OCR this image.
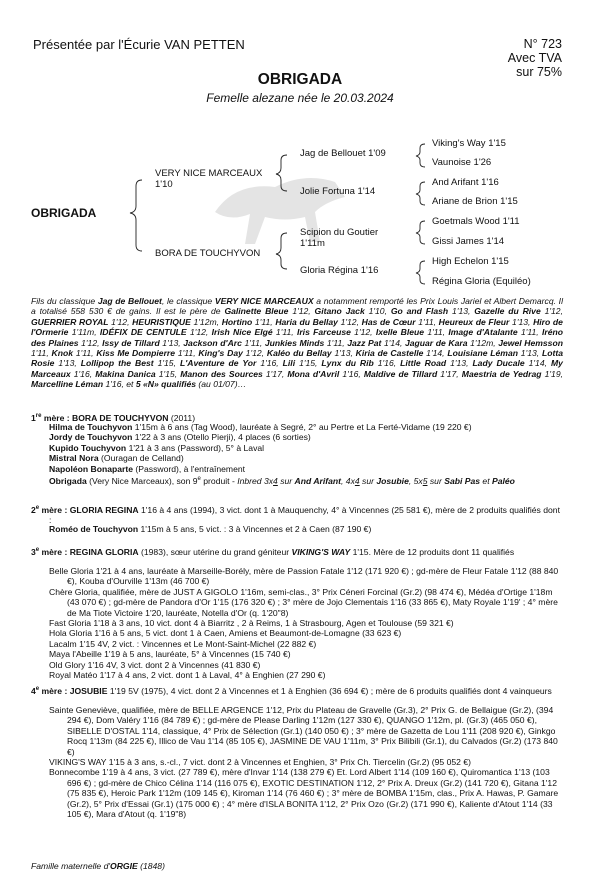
Présentée par l'Écurie VAN PETTEN	N° 723
Avec TVA
sur 75%
OBRIGADA
Femelle alezane née le 20.03.2024
OBRIGADA
VERY NICE MARCEAUX
1'10
BORA DE TOUCHYVON
Jag de Bellouet 1'09
Jolie Fortuna 1'14
Scipion du Goutier
1'11m
Gloria Régina 1'16
Viking's Way 1'15
Vaunoise 1'26
And Arifant 1'16
Ariane de Brion 1'15
Goetmals Wood 1'11
Gissi James 1'14
High Echelon 1'15
Régina Gloria (Equiléo)
Fils du classique Jag de Bellouet, le classique VERY NICE MARCEAUX a notamment remporté les Prix Louis Jariel et Albert Demarcq. Il a totalisé 558 530 € de gains. Il est le père de Galinette Bleue 1'12, Gitano Jack 1'10, Go and Flash 1'13, Gazelle du Rive 1'12, GUERRIER ROYAL 1'12, HEURISTIQUE 1'12m, Hortino 1'11, Haria du Bellay 1'12, Has de Cœur 1'11, Heureux de Fleur 1'13, Hiro de l'Ormerie 1'11m, IDÉFIX DE CENTULE 1'12, Irish Nice Elgé 1'11, Iris Farceuse 1'12, Ixelle Bleue 1'11, Image d'Atalante 1'11, Iréno des Plaines 1'12, Issy de Tillard 1'13, Jackson d'Arc 1'11, Junkies Minds 1'11, Jazz Pat 1'14, Jaguar de Kara 1'12m, Jewel Hemsson 1'11, Knok 1'11, Kiss Me Dompierre 1'11, King's Day 1'12, Kaléo du Bellay 1'13, Kiria de Castelle 1'14, Louisiane Léman 1'13, Lotta Rosie 1'13, Lollipop the Best 1'15, L'Aventure de Yor 1'16, Lili 1'15, Lynx du Rib 1'16, Little Road 1'13, Lady Ducale 1'14, My Marceaux 1'16, Makina Danica 1'15, Manon des Sources 1'17, Mona d'Avril 1'16, Maldive de Tillard 1'17, Maestria de Yedrag 1'19, Marcelline Léman 1'16, et 5 «N» qualifiés (au 01/07)…
1re mère : BORA DE TOUCHYVON (2011)
Hilma de Touchyvon 1'15m à 6 ans (Tag Wood), lauréate à Segré, 2° au Pertre et La Ferté-Vidame (19 220 €)
Jordy de Touchyvon 1'22 à 3 ans (Otello Pierji), 4 places (6 sorties)
Kupido Touchyvon 1'21 à 3 ans (Password), 5° à Laval
Mistral Nora (Ouragan de Celland)
Napoléon Bonaparte (Password), à l'entraînement
Obrigada (Very Nice Marceaux), son 9e produit - Inbred 3x4 sur And Arifant, 4x4 sur Josubie, 5x5 sur Sabi Pas et Paléo
2e mère : GLORIA REGINA 1'16 à 4 ans (1994), 3 vict. dont 1 à Mauquenchy, 4° à Vincennes (25 581 €), mère de 2 produits qualifiés dont :
Roméo de Touchyvon 1'15m à 5 ans, 5 vict. : 3 à Vincennes et 2 à Caen (87 190 €)
3e mère : REGINA GLORIA (1983), sœur utérine du grand géniteur VIKING'S WAY 1'15. Mère de 12 produits dont 11 qualifiés
Belle Gloria 1'21 à 4 ans, lauréate à Marseille-Borély, mère de Passion Fatale 1'12 (171 920 €) ; gd-mère de Fleur Fatale 1'12 (88 840 €), Kouba d'Ourville 1'13m (46 700 €)
Chère Gloria, qualifiée, mère de JUST A GIGOLO 1'16m, semi-clas., 3° Prix Céneri Forcinal (Gr.2) (98 474 €), Médéa d'Ortige 1'18m (43 070 €) ; gd-mère de Pandora d'Or 1'15 (176 320 €) ; 3° mère de Jojo Clementais 1'16 (33 865 €), Maty Royale 1'19' ; 4° mère de Ma Tiote Victoire 1'20, lauréate, Notella d'Or (q. 1'20"8)
Fast Gloria 1'18 à 3 ans, 10 vict. dont 4 à Biarritz , 2 à Reims, 1 à Strasbourg, Agen et Toulouse (59 321 €)
Hola Gloria 1'16 à 5 ans, 5 vict. dont 1 à Caen, Amiens et Beaumont-de-Lomagne (33 623 €)
Lacalm 1'15 4V, 2 vict. : Vincennes et Le Mont-Saint-Michel (22 882 €)
Maya l'Abeille 1'19 à 5 ans, lauréate, 5° à Vincennes (15 740 €)
Old Glory 1'16 4V, 3 vict. dont 2 à Vincennes (41 830 €)
Royal Matéo 1'17 à 4 ans, 2 vict. dont 1 à Laval, 4° à Enghien (27 290 €)
4e mère : JOSUBIE 1'19 5V (1975), 4 vict. dont 2 à Vincennes et 1 à Enghien (36 694 €) ; mère de 6 produits qualifiés dont 4 vainqueurs
Sainte Geneviève, qualifiée, mère de BELLE ARGENCE 1'12, Prix du Plateau de Gravelle (Gr.3), 2° Prix G. de Bellaigue (Gr.2), (394 294 €), Dom Valéry 1'16 (84 789 €) ; gd-mère de Please Darling 1'12m (127 330 €), QUANGO 1'12m, pl. (Gr.3) (465 050 €), SIBELLE D'OSTAL 1'14, classique, 4° Prix de Sélection (Gr.1) (140 050 €) ; 3° mère de Gazetta de Lou 1'11 (208 920 €), Ginkgo Rocq 1'13m (84 225 €), Illico de Vau 1'14 (85 105 €), JASMINE DE VAU 1'11m, 3° Prix Bilibili (Gr.1), du Calvados (Gr.2) (173 840 €)
VIKING'S WAY 1'15 à 3 ans, s.-cl., 7 vict. dont 2 à Vincennes et Enghien, 3° Prix Ch. Tiercelin (Gr.2) (95 052 €)
Bonnecombe 1'19 à 4 ans, 3 vict. (27 789 €), mère d'Invar 1'14 (138 279 €) Et. Lord Albert 1'14 (109 160 €), Quiromantica 1'13 (103 696 €) ; gd-mère de Chico Célina 1'14 (116 075 €), EXOTIC DESTINATION 1'12, 2° Prix A. Dreux (Gr.2) (141 720 €), Gitana 1'12 (75 835 €), Heroic Park 1'12m (109 145 €), Kiroman 1'14 (76 460 €) ; 3° mère de BOMBA 1'15m, clas., Prix A. Hawas, P. Gamare (Gr.2), 5° Prix d'Essai (Gr.1) (175 000 €) ; 4° mère d'ISLA BONITA 1'12, 2° Prix Ozo (Gr.2) (171 990 €), Kaliente d'Atout 1'14 (33 105 €), Mara d'Atout (q. 1'19"8)
Famille maternelle d'ORGIE (1848)
